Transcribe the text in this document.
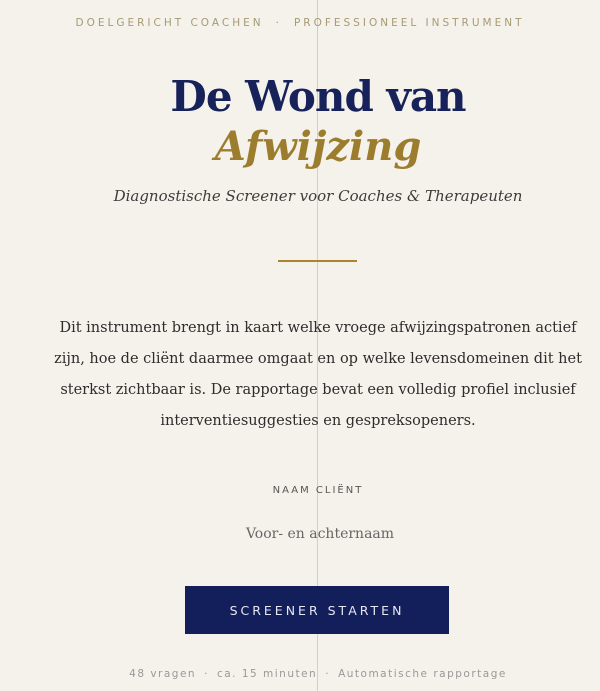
DOELGERICHT COACHEN · PROFESSIONEEL INSTRUMENT
De Wond van
Afwijzing
Diagnostische Screener voor Coaches & Therapeuten
Dit instrument brengt in kaart welke vroege afwijzingspatronen actief zijn, hoe de cliënt daarmee omgaat en op welke levensdomeinen dit het sterkst zichtbaar is. De rapportage bevat een volledig profiel inclusief interventiesuggesties en gespreksopeners.
NAAM CLIËNT
Voor- en achternaam
SCREENER STARTEN
48 vragen · ca. 15 minuten · Automatische rapportage
